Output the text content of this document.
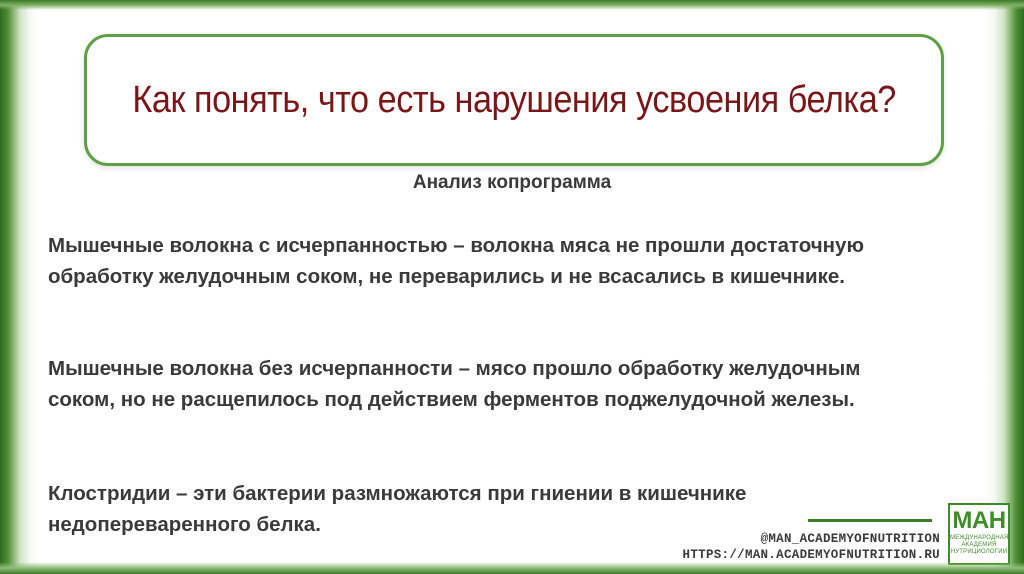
Как понять, что есть нарушения усвоения белка?
Анализ копрограмма
Мышечные волокна с исчерпанностью – волокна мяса не прошли достаточную обработку желудочным соком, не переварились и не всасались в кишечнике.
Мышечные волокна без исчерпанности – мясо прошло обработку желудочным соком, но не расщепилось под действием ферментов поджелудочной железы.
Клостридии – эти бактерии размножаются при гниении в кишечнике недопереваренного белка.
@MAN_ACADEMYOFNUTRITION
HTTPS://MAN.ACADEMYOFNUTRITION.RU
МАН
МЕЖДУНАРОДНАЯ
АКАДЕМИЯ
НУТРИЦИОЛОГИИ
